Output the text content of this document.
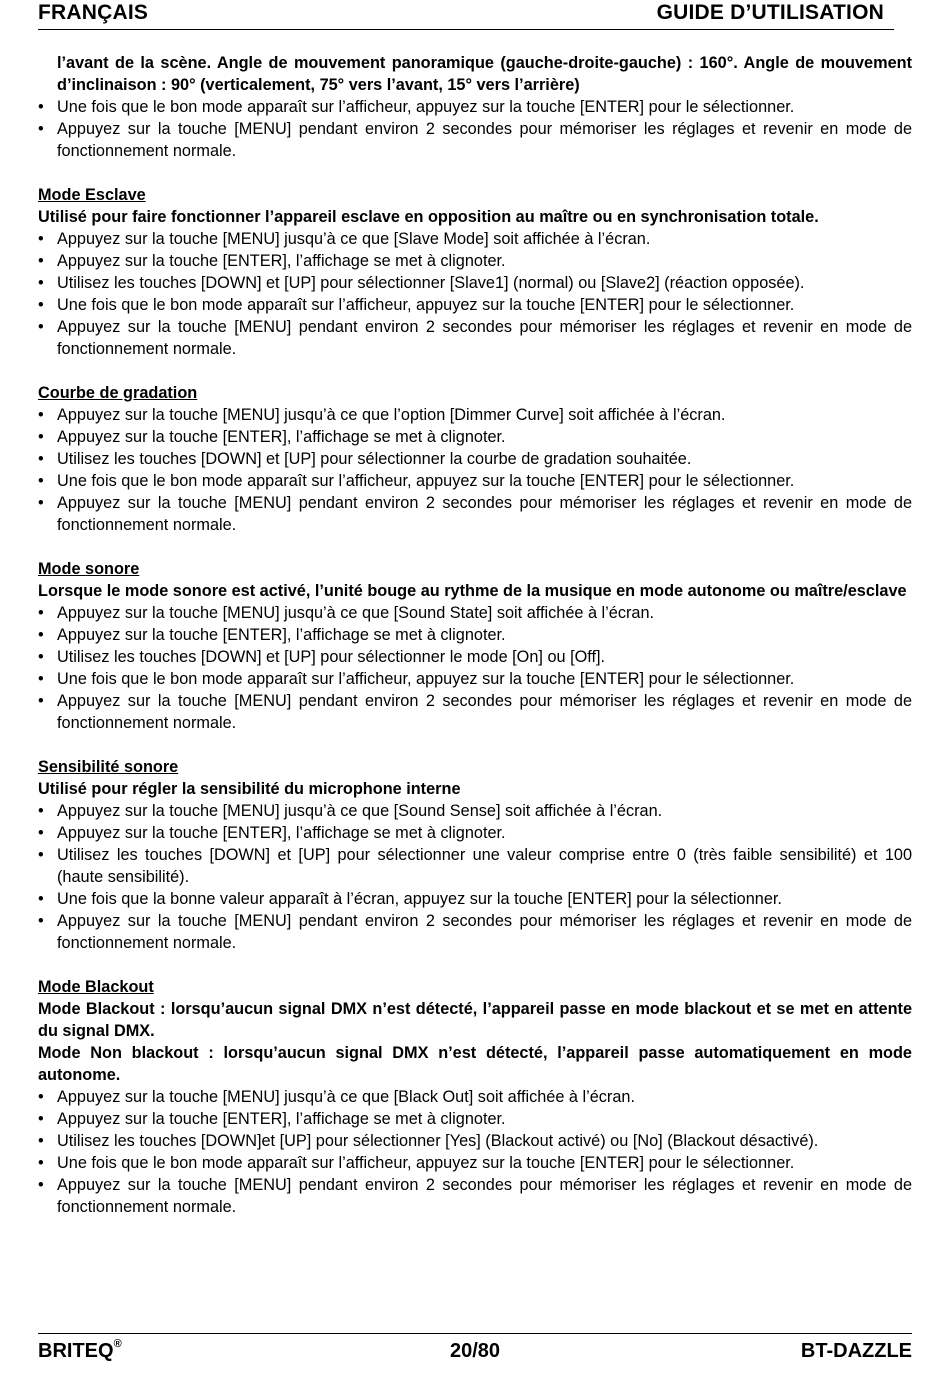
FRANÇAIS	GUIDE D’UTILISATION

l’avant de la scène. Angle de mouvement panoramique (gauche-droite-gauche) : 160°. Angle de mouvement d’inclinaison : 90° (verticalement, 75° vers l’avant, 15° vers l’arrière)

• Une fois que le bon mode apparaît sur l’afficheur, appuyez sur la touche [ENTER] pour le sélectionner.
• Appuyez sur la touche [MENU] pendant environ 2 secondes pour mémoriser les réglages et revenir en mode de fonctionnement normale.

Mode Esclave

Utilisé pour faire fonctionner l’appareil esclave en opposition au maître ou en synchronisation totale.

• Appuyez sur la touche [MENU] jusqu’à ce que [Slave Mode] soit affichée à l’écran.
• Appuyez sur la touche [ENTER], l’affichage se met à clignoter.
• Utilisez les touches [DOWN] et [UP] pour sélectionner [Slave1] (normal) ou [Slave2] (réaction opposée).
• Une fois que le bon mode apparaît sur l’afficheur, appuyez sur la touche [ENTER] pour le sélectionner.
• Appuyez sur la touche [MENU] pendant environ 2 secondes pour mémoriser les réglages et revenir en mode de fonctionnement normale.

Courbe de gradation

• Appuyez sur la touche [MENU] jusqu’à ce que l’option [Dimmer Curve] soit affichée à l’écran.
• Appuyez sur la touche [ENTER], l’affichage se met à clignoter.
• Utilisez les touches [DOWN] et [UP] pour sélectionner la courbe de gradation souhaitée.
• Une fois que le bon mode apparaît sur l’afficheur, appuyez sur la touche [ENTER] pour le sélectionner.
• Appuyez sur la touche [MENU] pendant environ 2 secondes pour mémoriser les réglages et revenir en mode de fonctionnement normale.

Mode sonore

Lorsque le mode sonore est activé, l’unité bouge au rythme de la musique en mode autonome ou maître/esclave

• Appuyez sur la touche [MENU] jusqu’à ce que [Sound State] soit affichée à l’écran.
• Appuyez sur la touche [ENTER], l’affichage se met à clignoter.
• Utilisez les touches [DOWN] et [UP] pour sélectionner le mode [On] ou [Off].
• Une fois que le bon mode apparaît sur l’afficheur, appuyez sur la touche [ENTER] pour le sélectionner.
• Appuyez sur la touche [MENU] pendant environ 2 secondes pour mémoriser les réglages et revenir en mode de fonctionnement normale.

Sensibilité sonore

Utilisé pour régler la sensibilité du microphone interne

• Appuyez sur la touche [MENU] jusqu’à ce que [Sound Sense] soit affichée à l’écran.
• Appuyez sur la touche [ENTER], l’affichage se met à clignoter.
• Utilisez les touches [DOWN] et [UP] pour sélectionner une valeur comprise entre 0 (très faible sensibilité) et 100 (haute sensibilité).
• Une fois que la bonne valeur apparaît à l’écran, appuyez sur la touche [ENTER] pour la sélectionner.
• Appuyez sur la touche [MENU] pendant environ 2 secondes pour mémoriser les réglages et revenir en mode de fonctionnement normale.

Mode Blackout

Mode Blackout : lorsqu’aucun signal DMX n’est détecté, l’appareil passe en mode blackout et se met en attente du signal DMX.

Mode Non blackout : lorsqu’aucun signal DMX n’est détecté, l’appareil passe automatiquement en mode autonome.

• Appuyez sur la touche [MENU] jusqu’à ce que [Black Out] soit affichée à l’écran.
• Appuyez sur la touche [ENTER], l’affichage se met à clignoter.
• Utilisez les touches [DOWN]et [UP] pour sélectionner [Yes] (Blackout activé) ou [No] (Blackout désactivé).
• Une fois que le bon mode apparaît sur l’afficheur, appuyez sur la touche [ENTER] pour le sélectionner.
• Appuyez sur la touche [MENU] pendant environ 2 secondes pour mémoriser les réglages et revenir en mode de fonctionnement normale.
BRITEQ®	20/80	BT-DAZZLE
